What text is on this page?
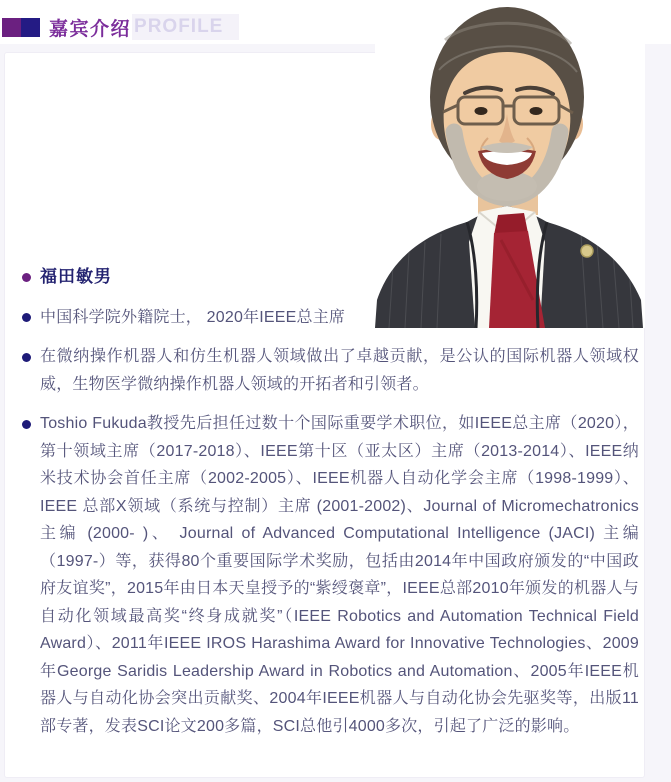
嘉宾介绍 PROFILE
福田敏男
中国科学院外籍院士， 2020年IEEE总主席
在微纳操作机器人和仿生机器人领域做出了卓越贡献，是公认的国际机器人领域权威，生物医学微纳操作机器人领域的开拓者和引领者。
Toshio Fukuda教授先后担任过数十个国际重要学术职位，如IEEE总主席（2020），第十领域主席（2017-2018）、IEEE第十区（亚太区）主席（2013-2014）、IEEE纳米技术协会首任主席（2002-2005）、IEEE机器人自动化学会主席（1998-1999）、IEEE 总部X领域（系统与控制）主席 (2001-2002)、Journal of Micromechatronics 主编 (2000- )、 Journal of Advanced Computational Intelligence (JACI) 主编（1997-）等，获得80个重要国际学术奖励，包括由2014年中国政府颁发的“中国政府友谊奖”，2015年由日本天皇授予的“紫绶褒章”，IEEE总部2010年颁发的机器人与自动化领域最高奖“终身成就奖”（IEEE Robotics and Automation Technical Field Award）、2011年IEEE IROS Harashima Award for Innovative Technologies、2009年George Saridis Leadership Award in Robotics and Automation、2005年IEEE机器人与自动化协会突出贡献奖、2004年IEEE机器人与自动化协会先驱奖等，出版11部专著，发表SCI论文200多篇，SCI总他引4000多次，引起了广泛的影响。
